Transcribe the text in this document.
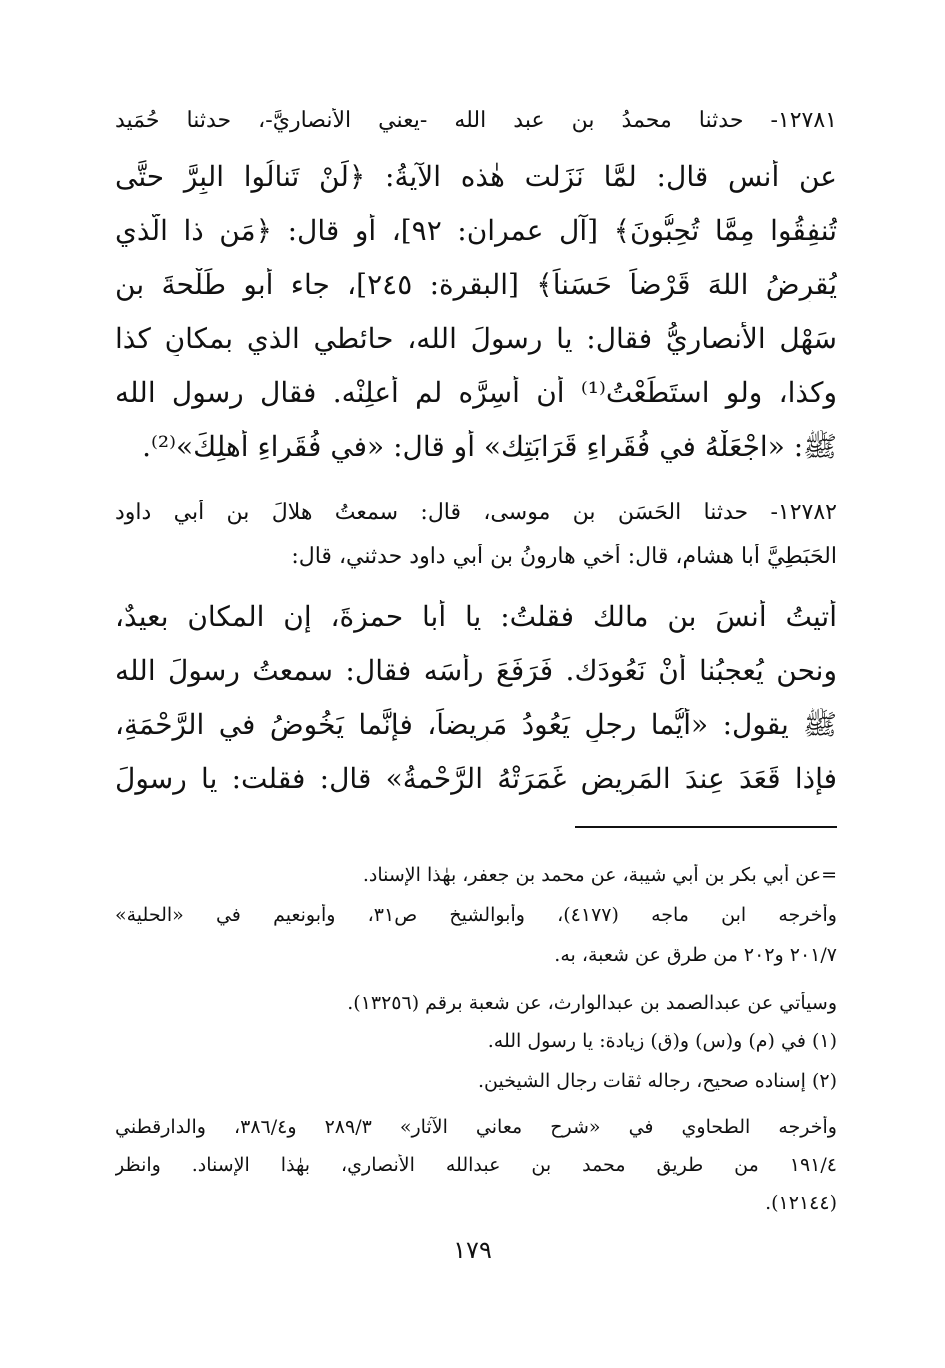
١٢٧٨١- حدثنا محمدُ بن عبد الله -يعني الأنصاريَّ-، حدثنا حُمَيد
عن أنس قال: لمَّا نَزَلت هٰذه الآيةُ: ﴿لَنْ تَنالُوا البِرَّ حتَّى
تُنفِقُوا مِمَّا تُحِبُّونَ﴾ [آل عمران: ٩٢]، أو قال: ﴿مَن ذا الَّذي
يُقرِضُ اللهَ قَرْضاً حَسَناً﴾ [البقرة: ٢٤٥]، جاء أبو طَلْحةَ بن
سَهْل الأنصاريُّ فقال: يا رسولَ الله، حائطي الذي بمكانِ كذا
وكذا، ولو استَطَعْتُ⁽¹⁾ أن أُسِرَّه لم أُعلِنْه. فقال رسول الله
ﷺ: «اجْعَلْهُ في فُقَراءِ قَرَابَتِك» أو قال: «في فُقَراءِ أَهلِكَ»⁽²⁾.
١٢٧٨٢- حدثنا الحَسَن بن موسى، قال: سمعتُ هلالَ بن أبي داود
الحَبَطِيَّ أبا هشامٍ، قال: أخي هارونُ بن أبي داود حدثني، قال:
أَتيتُ أنسَ بن مالك فقلتُ: يا أبا حمزةَ، إن المكان بعيدٌ،
ونحن يُعجبُنا أنْ نَعُودَك. فَرَفَعَ رأسَه فقال: سمعتُ رسولَ الله
ﷺ يقول: «أيُّما رجلٍ يَعُودُ مَرِيضاً، فإنَّما يَخُوضُ في الرَّحْمَةِ،
فإذا قَعَدَ عِندَ المَرِيضِ غَمَرَتْهُ الرَّحْمةُ» قال: فقلت: يا رسولَ
=عن أبي بكر بن أبي شيبة، عن محمد بن جعفر، بهٰذا الإسناد.
وأخرجه ابن ماجه (٤١٧٧)، وأبوالشيخ ص٣١، وأبونعيم في «الحلية»
٢٠١/٧ و٢٠٢ من طرق عن شعبة، به.
وسيأتي عن عبدالصمد بن عبدالوارث، عن شعبة برقم (١٣٢٥٦).
(١) في (م) و(س) و(ق) زيادة: يا رسول الله.
(٢) إسناده صحيح، رجاله ثقات رجال الشيخين.
وأخرجه الطحاوي في «شرح معاني الآثار» ٢٨٩/٣ و٣٨٦/٤، والدارقطني
١٩١/٤ من طريق محمد بن عبدالله الأنصاري، بهٰذا الإسناد. وانظر
(١٢١٤٤).
١٧٩
